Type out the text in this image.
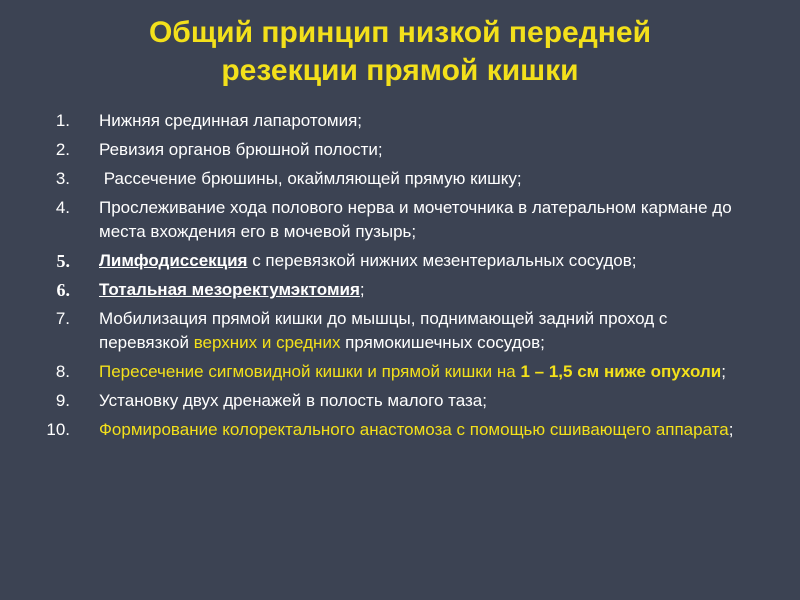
Общий принцип низкой передней
резекции прямой кишки
1. Нижняя срединная лапаротомия;
2. Ревизия органов брюшной полости;
3. Рассечение брюшины, окаймляющей прямую кишку;
4. Прослеживание хода полового нерва и мочеточника в латеральном кармане до места вхождения его в мочевой пузырь;
5. Лимфодиссекция с перевязкой нижних мезентериальных сосудов;
6. Тотальная мезоректумэктомия;
7. Мобилизация прямой кишки до мышцы, поднимающей задний проход с перевязкой верхних и средних прямокишечных сосудов;
8. Пересечение сигмовидной кишки и прямой кишки на 1 – 1,5 см ниже опухоли;
9. Установку двух дренажей в полость малого таза;
10. Формирование колоректального анастомоза с помощью сшивающего аппарата;
